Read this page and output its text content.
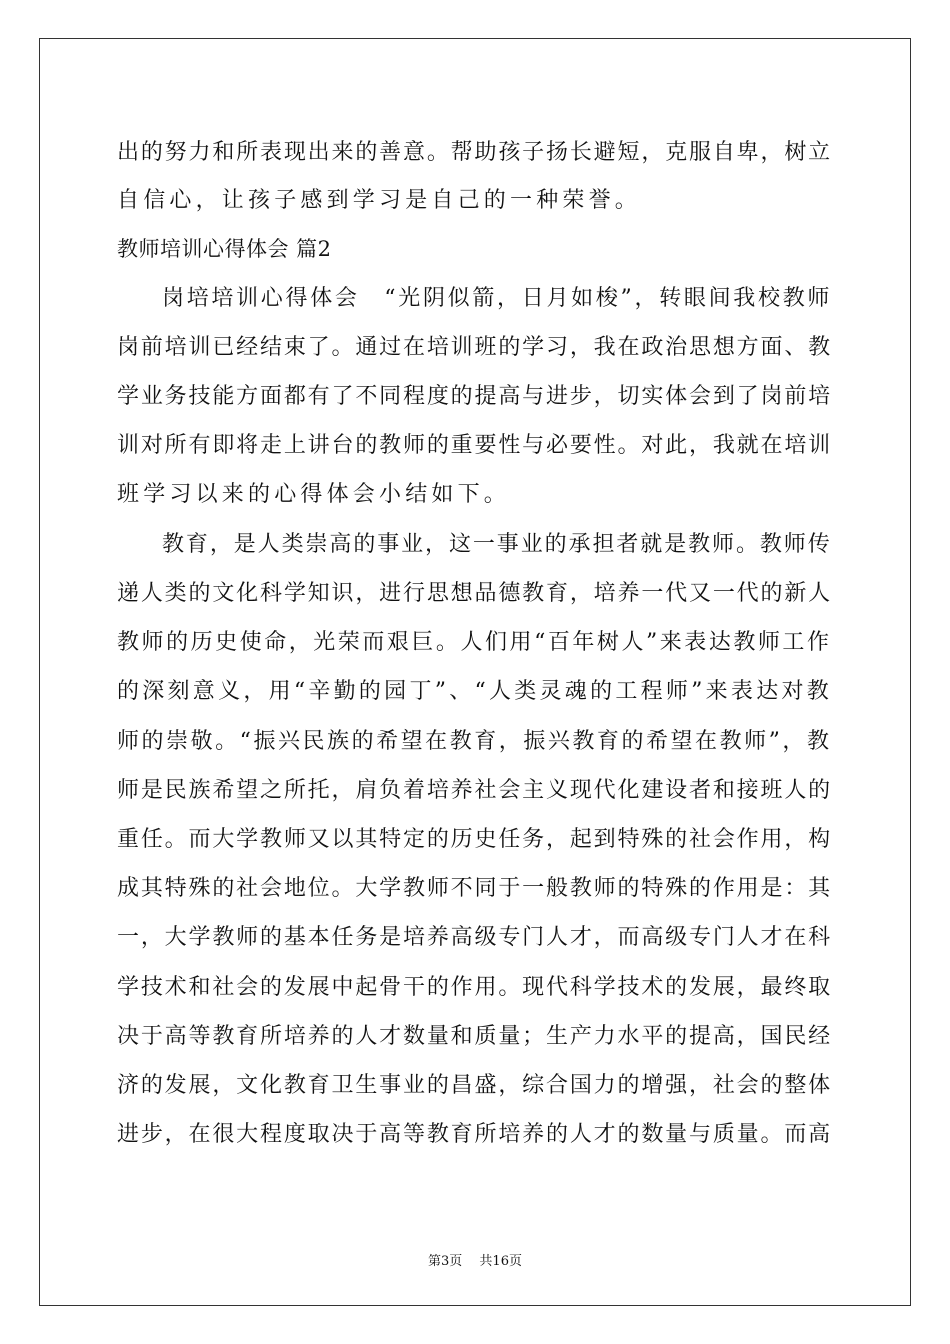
出的努力和所表现出来的善意。帮助孩子扬长避短，克服自卑，树立

自信心，让孩子感到学习是自己的一种荣誉。

教师培训心得体会 篇2

岗培培训心得体会　“光阴似箭，日月如梭”，转眼间我校教师

岗前培训已经结束了。通过在培训班的学习，我在政治思想方面、教

学业务技能方面都有了不同程度的提高与进步，切实体会到了岗前培

训对所有即将走上讲台的教师的重要性与必要性。对此，我就在培训

班学习以来的心得体会小结如下。

教育，是人类崇高的事业，这一事业的承担者就是教师。教师传

递人类的文化科学知识，进行思想品德教育，培养一代又一代的新人

教师的历史使命，光荣而艰巨。人们用“百年树人”来表达教师工作

的深刻意义，用“辛勤的园丁”、“人类灵魂的工程师”来表达对教

师的崇敬。“振兴民族的希望在教育，振兴教育的希望在教师”，教

师是民族希望之所托，肩负着培养社会主义现代化建设者和接班人的

重任。而大学教师又以其特定的历史任务，起到特殊的社会作用，构

成其特殊的社会地位。大学教师不同于一般教师的特殊的作用是：其

一，大学教师的基本任务是培养高级专门人才，而高级专门人才在科

学技术和社会的发展中起骨干的作用。现代科学技术的发展，最终取

决于高等教育所培养的人才数量和质量；生产力水平的提高，国民经

济的发展，文化教育卫生事业的昌盛，综合国力的增强，社会的整体

进步，在很大程度取决于高等教育所培养的人才的数量与质量。而高

第3页　 共16页
